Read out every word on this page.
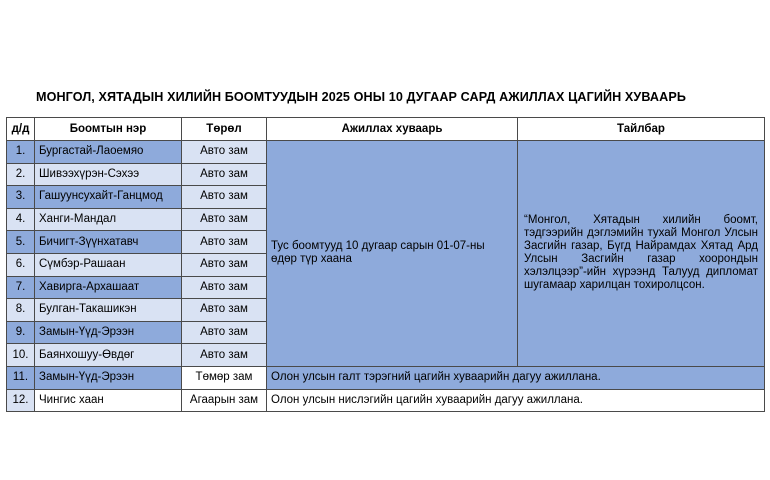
МОНГОЛ, ХЯТАДЫН ХИЛИЙН БООМТУУДЫН 2025 ОНЫ 10 ДУГААР САРД АЖИЛЛАХ ЦАГИЙН ХУВААРЬ
д/д	Боомтын нэр	Төрөл	Ажиллах хуваарь	Тайлбар
1.	Бургастай-Лаоемяо	Авто зам	Тус боомтууд 10 дугаар сарын 01-07-ны өдөр түр хаана	“Монгол, Хятадын хилийн боомт, тэдгээрийн дэглэмийн тухай Монгол Улсын Засгийн газар, Бүгд Найрамдах Хятад Ард Улсын Засгийн газар хоорондын хэлэлцээр”-ийн хүрээнд Талууд дипломат шугамаар харилцан тохиролцсон.
2.	Шивээхүрэн-Сэхээ	Авто зам		
3.	Гашуунсухайт-Ганцмод	Авто зам		
4.	Ханги-Мандал	Авто зам		
5.	Бичигт-Зүүнхатавч	Авто зам		
6.	Сүмбэр-Рашаан	Авто зам		
7.	Хавирга-Архашаат	Авто зам		
8.	Булган-Такашикэн	Авто зам		
9.	Замын-Үүд-Эрээн	Авто зам		
10.	Баянхошуу-Өвдөг	Авто зам		
11.	Замын-Үүд-Эрээн	Төмөр зам	Олон улсын галт тэрэгний цагийн хуваарийн дагуу ажиллана.	
12.	Чингис хаан	Агаарын зам	Олон улсын нислэгийн цагийн хуваарийн дагуу ажиллана.	
